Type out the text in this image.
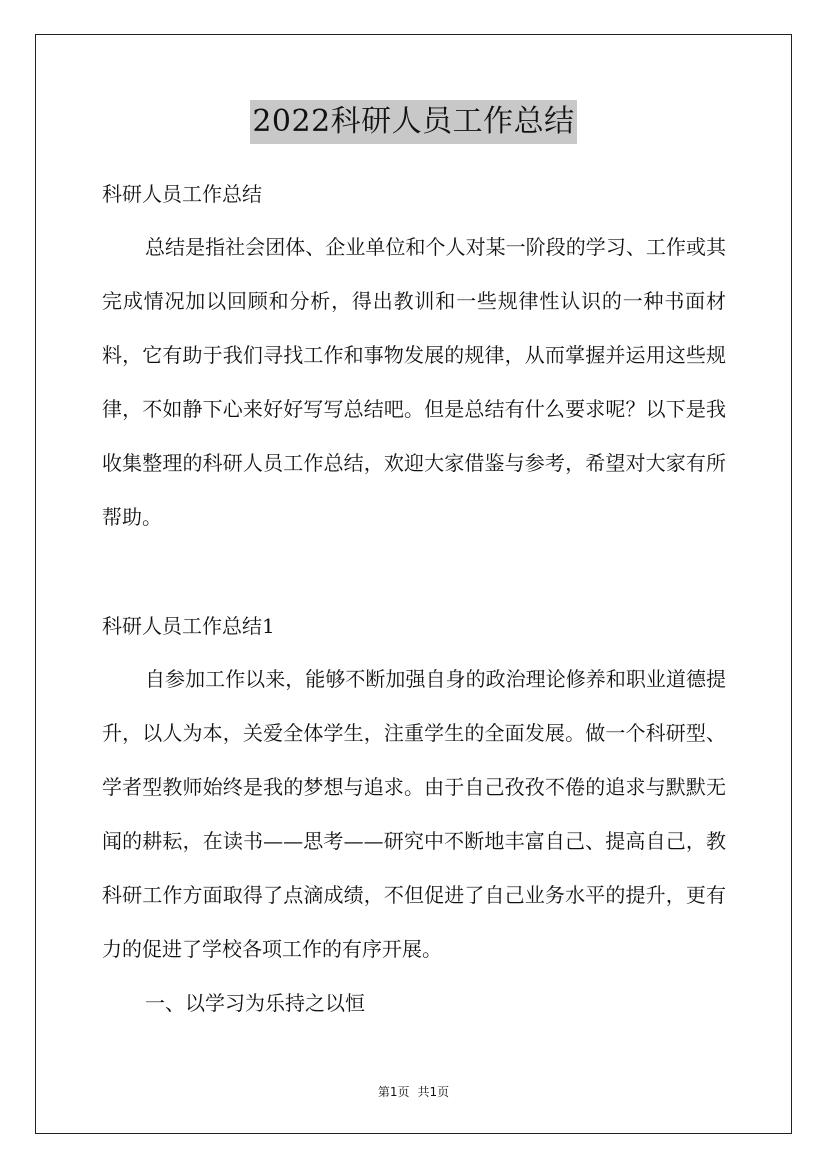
2022科研人员工作总结
科研人员工作总结
总结是指社会团体、企业单位和个人对某一阶段的学习、工作或其完成情况加以回顾和分析，得出教训和一些规律性认识的一种书面材料，它有助于我们寻找工作和事物发展的规律，从而掌握并运用这些规律，不如静下心来好好写写总结吧。但是总结有什么要求呢？以下是我收集整理的科研人员工作总结，欢迎大家借鉴与参考，希望对大家有所帮助。
科研人员工作总结1
自参加工作以来，能够不断加强自身的政治理论修养和职业道德提升，以人为本，关爱全体学生，注重学生的全面发展。做一个科研型、学者型教师始终是我的梦想与追求。由于自己孜孜不倦的追求与默默无闻的耕耘，在读书——思考——研究中不断地丰富自己、提高自己，教科研工作方面取得了点滴成绩，不但促进了自己业务水平的提升，更有力的促进了学校各项工作的有序开展。
一、以学习为乐持之以恒
第1页 共1页
